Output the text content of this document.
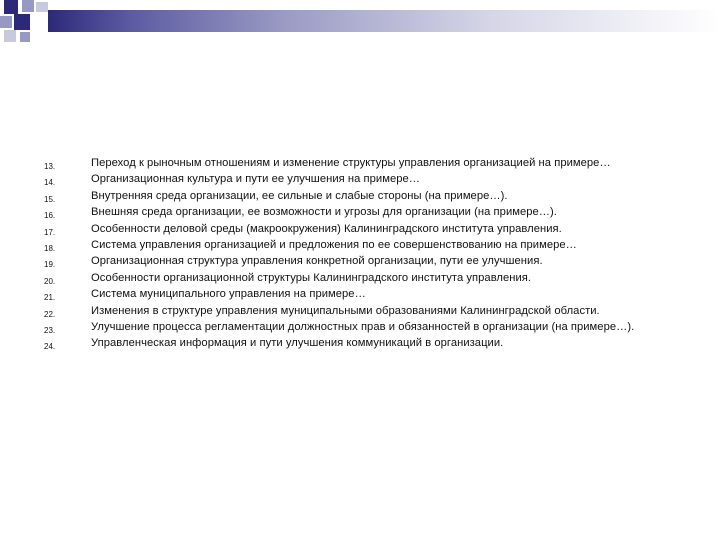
13.	Переход к рыночным отношениям и изменение структуры управления организацией на примере…
14.	Организационная культура и пути ее улучшения на примере…
15.	Внутренняя среда организации, ее сильные и слабые стороны (на примере…).
16.	Внешняя среда организации, ее возможности и угрозы для организации (на примере…).
17.	Особенности деловой среды (макроокружения) Калининградского института управления.
18.	Система управления организацией и предложения по ее совершенствованию на примере…
19.	Организационная структура управления конкретной организации, пути ее улучшения.
20.	Особенности организационной структуры Калининградского института управления.
21.	Система муниципального управления на примере…
22.	Изменения в структуре управления муниципальными образованиями Калининградской области.
23.	Улучшение процесса регламентации должностных прав и обязанностей в организации (на примере…).
24.	Управленческая информация и пути улучшения коммуникаций в организации.
